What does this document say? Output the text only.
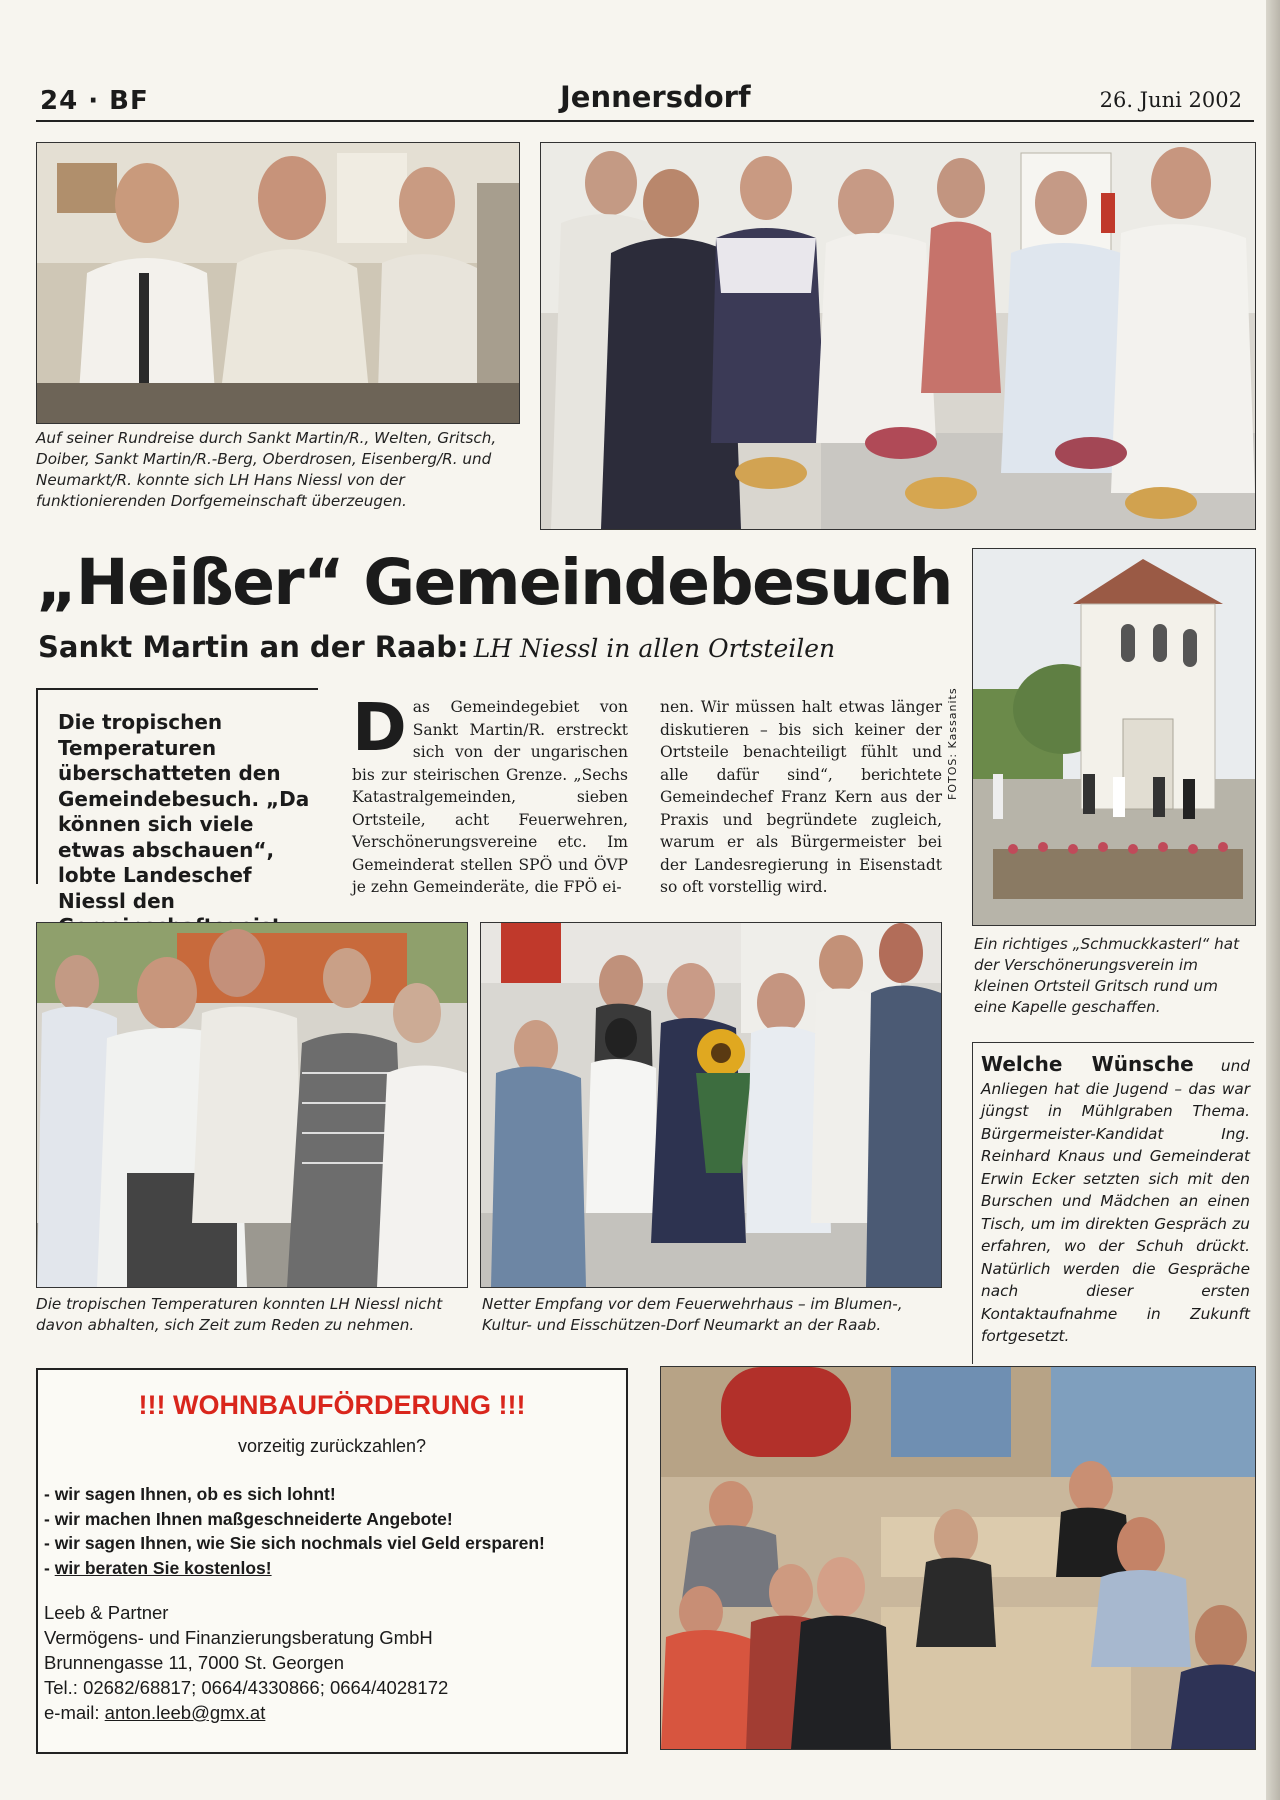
24 · BF	Jennersdorf	26. Juni 2002
Auf seiner Rundreise durch Sankt Martin/R., Welten, Gritsch, Doiber, Sankt Martin/R.-Berg, Oberdrosen, Eisenberg/R. und Neumarkt/R. konnte sich LH Hans Niessl von der funktionierenden Dorfgemeinschaft überzeugen.
„Heißer“ Gemeindebesuch
Sankt Martin an der Raab: LH Niessl in allen Ortsteilen
Die tropischen Temperaturen überschatteten den Gemeindebesuch. „Da können sich viele etwas abschauen“, lobte Landeschef Niessl den
Das Gemeindegebiet von Sankt Martin/R. erstreckt sich von der ungarischen bis zur steirischen Grenze. „Sechs Katastralgemeinden, sieben Ortsteile, acht Feuerwehren, Verschönerungsvereine etc. Im Gemeinderat stellen SPÖ und ÖVP je zehn Gemeinderäte, die FPÖ ei-
nen. Wir müssen halt etwas länger diskutieren – bis sich keiner der Ortsteile benachteiligt fühlt und alle dafür sind“, berichtete Gemeindechef Franz Kern aus der Praxis und begründete zugleich, warum er als Bürgermeister bei der Landesregierung in Eisenstadt so oft vorstellig wird.
FOTOS: Kassanits
Ein richtiges „Schmuckkasterl“ hat der Verschönerungsverein im kleinen Ortsteil Gritsch rund um eine Kapelle geschaffen.
Die tropischen Temperaturen konnten LH Niessl nicht davon abhalten, sich Zeit zum Reden zu nehmen.
Netter Empfang vor dem Feuerwehrhaus – im Blumen-, Kultur- und Eisschützen-Dorf Neumarkt an der Raab.
Welche Wünsche und Anliegen hat die Jugend – das war jüngst in Mühlgraben Thema. Bürgermeister-Kandidat Ing. Reinhard Knaus und Gemeinderat Erwin Ecker setzten sich mit den Burschen und Mädchen an einen Tisch, um im direkten Gespräch zu erfahren, wo der Schuh drückt. Natürlich werden die Gespräche nach dieser ersten Kontaktaufnahme in Zukunft fortgesetzt.
!!! WOHNBAUFÖRDERUNG !!!
vorzeitig zurückzahlen?
- wir sagen Ihnen, ob es sich lohnt!
- wir machen Ihnen maßgeschneiderte Angebote!
- wir sagen Ihnen, wie Sie sich nochmals viel Geld ersparen!
- wir beraten Sie kostenlos!
Leeb & Partner
Vermögens- und Finanzierungsberatung GmbH
Brunnengasse 11, 7000 St. Georgen
Tel.: 02682/68817; 0664/4330866; 0664/4028172
e-mail: anton.leeb@gmx.at
